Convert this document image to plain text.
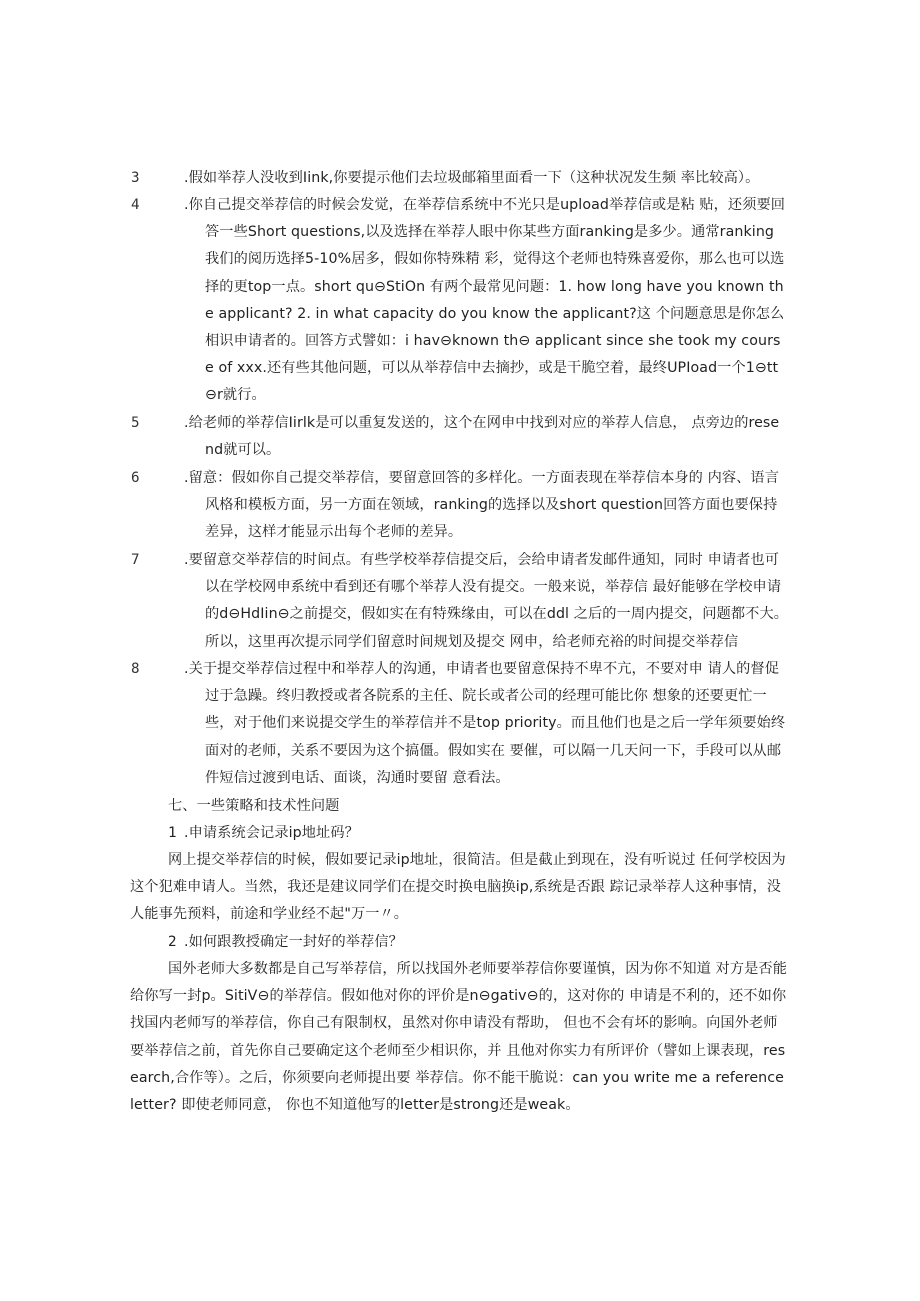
3	.假如举荐人没收到Iink,你要提示他们去垃圾邮箱里面看一下（这种状况发生频 率比较高）。
4	.你自己提交举荐信的时候会发觉，在举荐信系统中不光只是upload举荐信或是粘 贴，还须要回答一些Short questions,以及选择在举荐人眼中你某些方面ranking是多少。通常ranking我们的阅历选择5-10%居多，假如你特殊精 彩，觉得这个老师也特殊喜爱你，那么也可以选择的更top一点。short qu⊖StiOn 有两个最常见问题：1. how long have you known the applicant? 2. in what capacity do you know the applicant?这 个问题意思是你怎么相识申请者的。回答方式譬如：i hav⊖known th⊖ applicant since she took my course of xxx.还有些其他问题，可以从举荐信中去摘抄，或是干脆空着，最终UPIoad一个1⊖tt⊖r就行。
5	.给老师的举荐信Iirlk是可以重复发送的，这个在网申中找到对应的举荐人信息， 点旁边的resend就可以。
6	.留意：假如你自己提交举荐信，要留意回答的多样化。一方面表现在举荐信本身的 内容、语言风格和模板方面，另一方面在领域，ranking的选择以及short question回答方面也要保持差异，这样才能显示出每个老师的差异。
7	.要留意交举荐信的时间点。有些学校举荐信提交后，会给申请者发邮件通知，同时 申请者也可以在学校网申系统中看到还有哪个举荐人没有提交。一般来说，举荐信 最好能够在学校申请的d⊖HdIin⊖之前提交，假如实在有特殊缘由，可以在ddl 之后的一周内提交，问题都不大。所以，这里再次提示同学们留意时间规划及提交 网申，给老师充裕的时间提交举荐信
8	.关于提交举荐信过程中和举荐人的沟通，申请者也要留意保持不卑不亢，不要对申 请人的督促过于急躁。终归教授或者各院系的主任、院长或者公司的经理可能比你 想象的还要更忙一些，对于他们来说提交学生的举荐信并不是top priority。而且他们也是之后一学年须要始终面对的老师，关系不要因为这个搞僵。假如实在 要催，可以隔一几天问一下，手段可以从邮件短信过渡到电话、面谈，沟通时要留 意看法。
七、一些策略和技术性问题
1 .申请系统会记录ip地址码？
网上提交举荐信的时候，假如要记录ip地址，很简洁。但是截止到现在，没有听说过 任何学校因为这个犯难申请人。当然，我还是建议同学们在提交时换电脑换ip,系统是否跟 踪记录举荐人这种事情，没人能事先预料，前途和学业经不起"万一〃。
2 .如何跟教授确定一封好的举荐信？
国外老师大多数都是自己写举荐信，所以找国外老师要举荐信你要谨慎，因为你不知道 对方是否能给你写一封p。SitiV⊖的举荐信。假如他对你的评价是n⊖gativ⊖的，这对你的 申请是不利的，还不如你找国内老师写的举荐信，你自己有限制权，虽然对你申请没有帮助， 但也不会有坏的影响。向国外老师要举荐信之前，首先你自己要确定这个老师至少相识你，并 且他对你实力有所评价（譬如上课表现，research,合作等）。之后，你须要向老师提出要 举荐信。你不能干脆说：can you write me a reference letter? 即使老师同意， 你也不知道他写的letter是strong还是weak。
